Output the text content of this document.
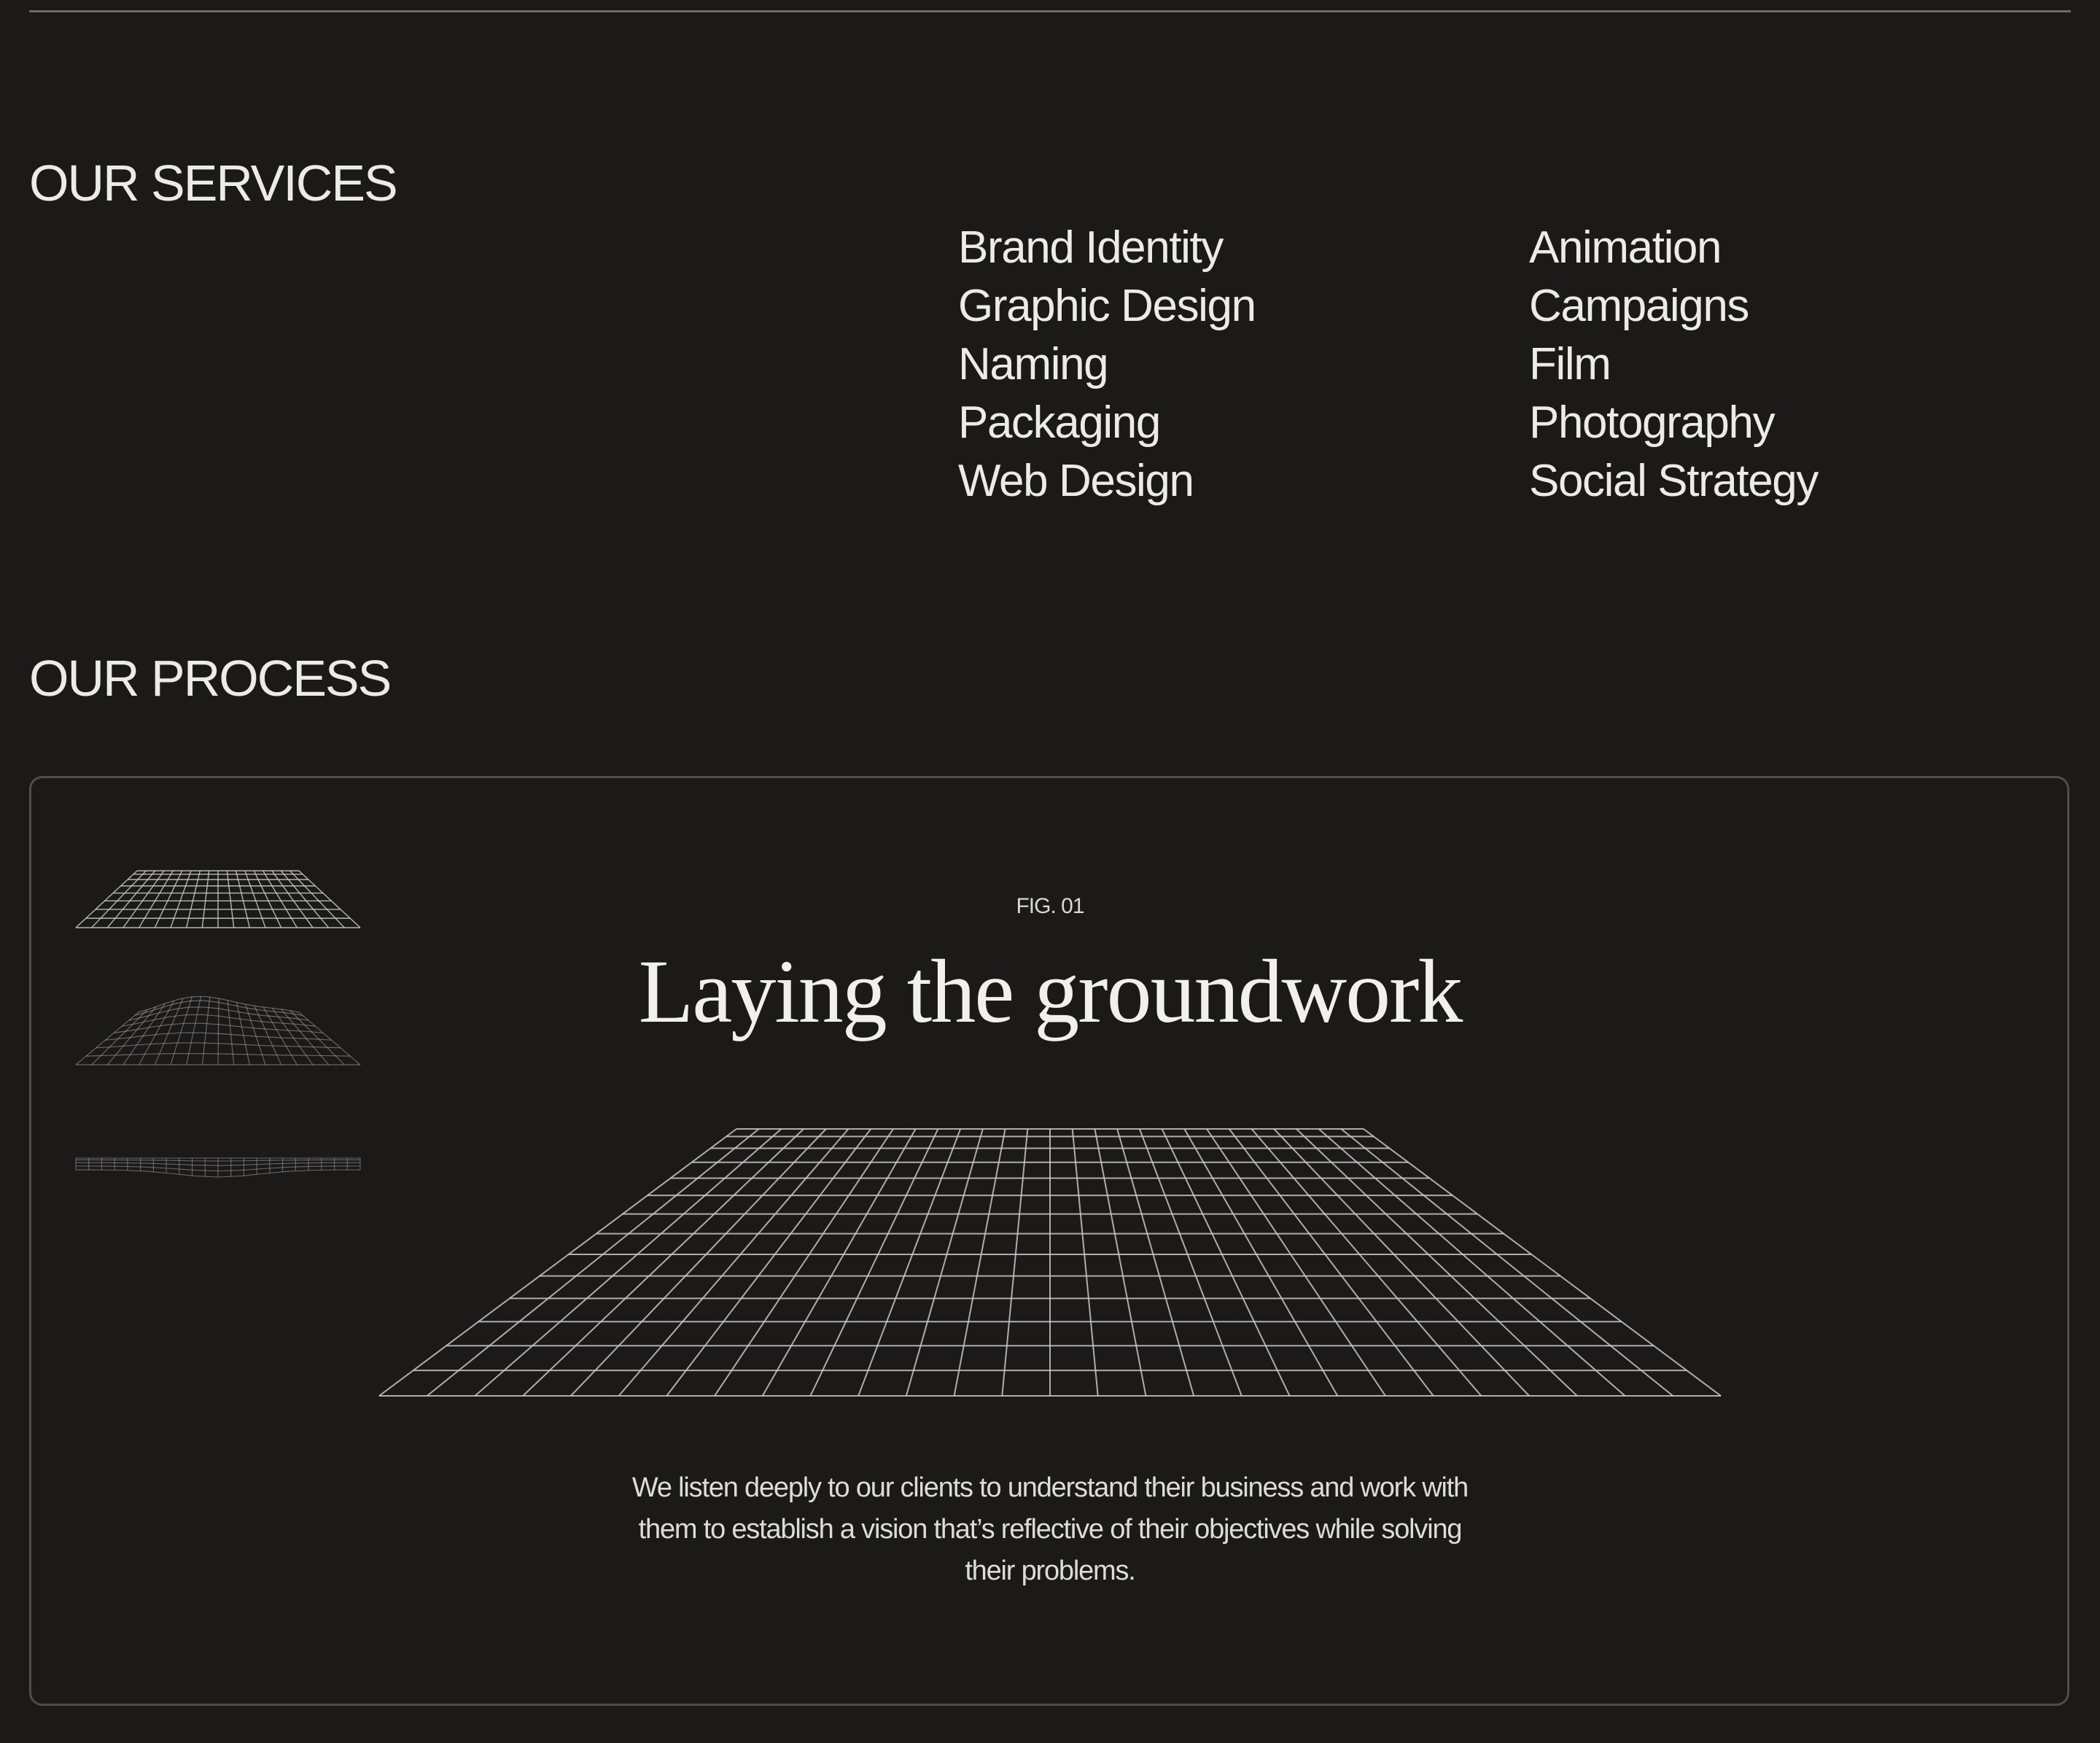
OUR SERVICES
Brand Identity
Graphic Design
Naming
Packaging
Web Design
Animation
Campaigns
Film
Photography
Social Strategy
OUR PROCESS

FIG. 01

Laying the groundwork

We listen deeply to our clients to understand their business and work with them to establish a vision that’s reflective of their objectives while solving their problems.
